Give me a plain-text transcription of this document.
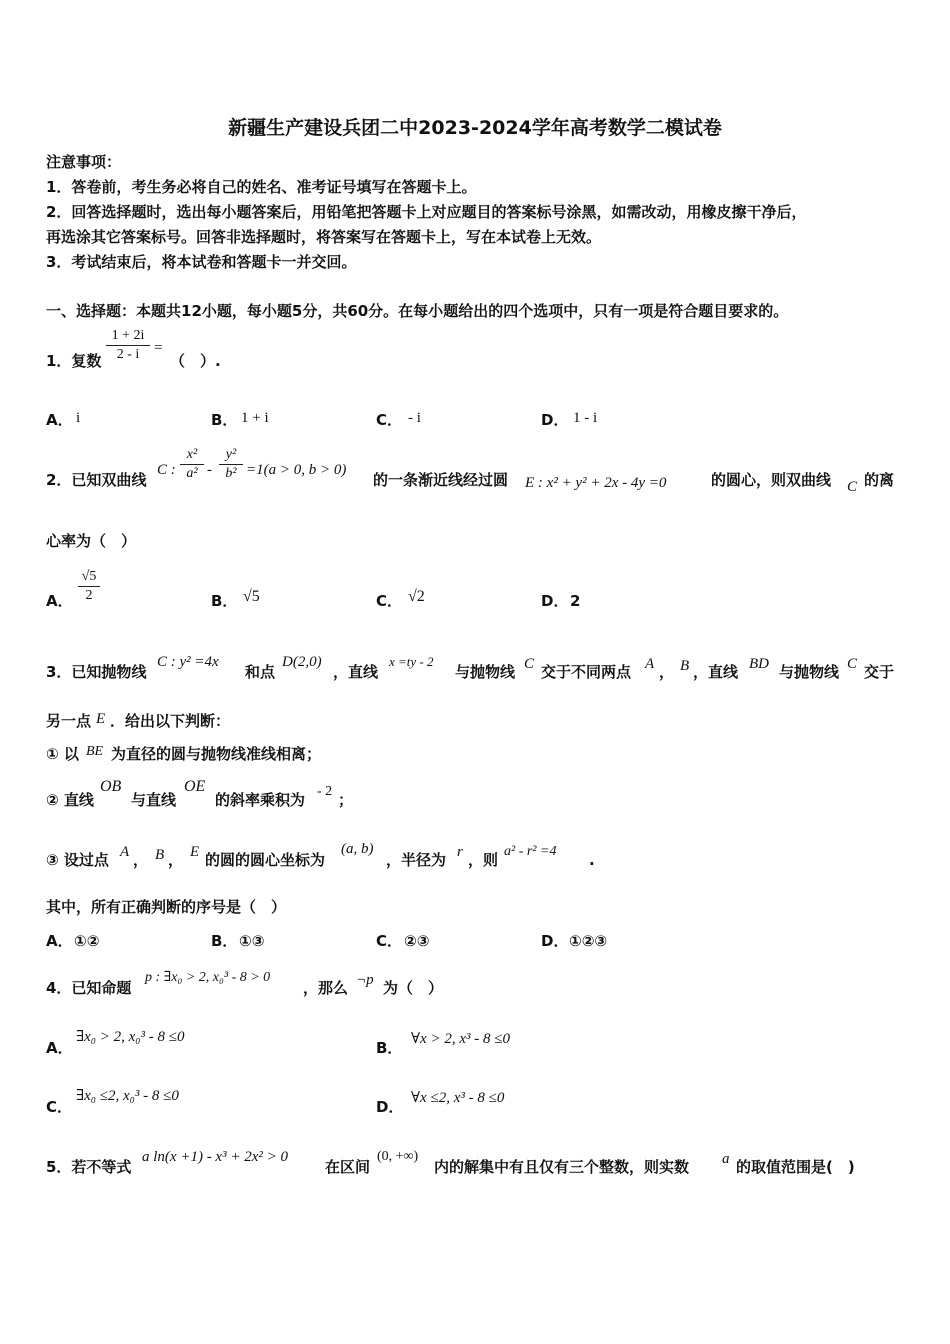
新疆生产建设兵团二中2023-2024学年高考数学二模试卷
注意事项：
1．答卷前，考生务必将自己的姓名、准考证号填写在答题卡上。
2．回答选择题时，选出每小题答案后，用铅笔把答题卡上对应题目的答案标号涂黑，如需改动，用橡皮擦干净后，
再选涂其它答案标号。回答非选择题时，将答案写在答题卡上，写在本试卷上无效。
3．考试结束后，将本试卷和答题卡一并交回。
一、选择题：本题共12小题，每小题5分，共60分。在每小题给出的四个选项中，只有一项是符合题目要求的。
1．复数
1 + 2i
2 - i =
（　）.
A． i	B． 1 + i	C． - i	D． 1 - i
2．已知双曲线
C :
x²
a² -
y²
b² =1(a > 0, b > 0)
的一条渐近线经过圆 E : x² + y² + 2x - 4y =0	的圆心，则双曲线 C 的离
心率为（　）
A．
√5
2	B． √5	C． √2	D． 2
3．已知抛物线
C : y² =4x
和点
D(2,0)
，直线
x =ty - 2
与抛物线 C 交于不同两点 A ， B ，直线 BD 与抛物线 C 交于
另一点 E ．给出以下判断：
① 以 BE 为直径的圆与抛物线准线相离；
② 直线
OB
与直线
OE
的斜率乘积为 - 2 ；
③ 设过点 A ， B ， E 的圆的圆心坐标为
(a, b)
，半径为 r ，则 a² - r² =4 .
其中，所有正确判断的序号是（　）
A． ①②	B． ①③	C． ②③	D． ①②③
4．已知命题
p : ∃x₀ > 2, x₀³ - 8 > 0
，那么 ¬p 为（　）
A．
∃x₀ > 2, x₀³ - 8 ≤0
B． ∀x > 2, x³ - 8 ≤0
C．
∃x₀ ≤2, x₀³ - 8 ≤0
D． ∀x ≤2, x³ - 8 ≤0
5．若不等式
a ln(x +1) - x³ + 2x² > 0
在区间
(0, +∞)
内的解集中有且仅有三个整数，则实数 a 的取值范围是(　)
